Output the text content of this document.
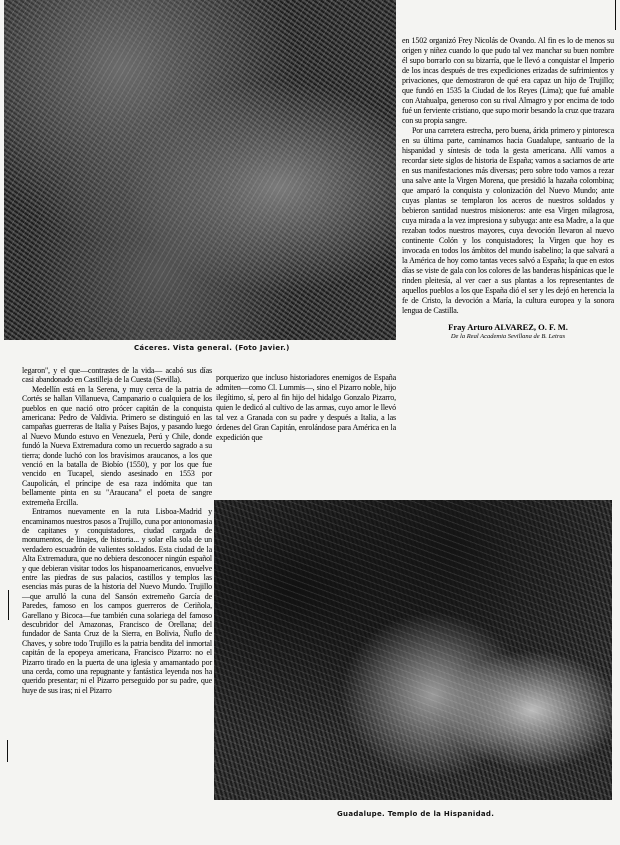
Cáceres. Vista general. (Foto Javier.)

en 1502 organizó Frey Nicolás de Ovando. Al fin es lo de menos su origen y niñez cuando lo que pudo tal vez manchar su buen nombre él supo borrarlo con su bizarría, que le llevó a conquistar el Imperio de los incas después de tres expediciones erizadas de sufrimientos y privaciones, que demostraron de qué era capaz un hijo de Trujillo; que fundó en 1535 la Ciudad de los Reyes (Lima); que fué amable con Atahualpa, generoso con su rival Almagro y por encima de todo fué un ferviente cristiano, que supo morir besando la cruz que trazara con su propia sangre.

Por una carretera estrecha, pero buena, árida primero y pintoresca en su última parte, caminamos hacia Guadalupe, santuario de la hispanidad y síntesis de toda la gesta americana. Allí vamos a recordar siete siglos de historia de España; vamos a saciarnos de arte en sus manifestaciones más diversas; pero sobre todo vamos a rezar una salve ante la Virgen Morena, que presidió la hazaña colombina; que amparó la conquista y colonización del Nuevo Mundo; ante cuyas plantas se templaron los aceros de nuestros soldados y bebieron santidad nuestros misioneros: ante esa Virgen milagrosa, cuya mirada a la vez impresiona y subyuga: ante esa Madre, a la que rezaban todos nuestros mayores, cuya devoción llevaron al nuevo continente Colón y los conquistadores; la Virgen que hoy es invocada en todos los ámbitos del mundo isabelino; la que salvará a la América de hoy como tantas veces salvó a España; la que en estos días se viste de gala con los colores de las banderas hispánicas que le rinden pleitesía, al ver caer a sus plantas a los representantes de aquellos pueblos a los que España dió el ser y les dejó en herencia la fe de Cristo, la devoción a María, la cultura europea y la sonora lengua de Castilla.

Fray Arturo ALVAREZ, O. F. M.

De la Real Academia Sevillana de B. Letras

legaron", y el que—contrastes de la vida— acabó sus días casi abandonado en Castilleja de la Cuesta (Sevilla).

Medellín está en la Serena, y muy cerca de la patria de Cortés se hallan Villanueva, Campanario o cualquiera de los pueblos en que nació otro prócer capitán de la conquista americana: Pedro de Valdivia. Primero se distinguió en las campañas guerreras de Italia y Países Bajos, y pasando luego al Nuevo Mundo estuvo en Venezuela, Perú y Chile, donde fundó la Nueva Extremadura como un recuerdo sagrado a su tierra; donde luchó con los bravísimos araucanos, a los que venció en la batalla de Biobío (1550), y por los que fue vencido en Tucapel, siendo asesinado en 1553 por Caupolicán, el príncipe de esa raza indómita que tan bellamente pinta en su "Araucana" el poeta de sangre extremeña Ercilla.

Entramos nuevamente en la ruta Lisboa-Madrid y encaminamos nuestros pasos a Trujillo, cuna por antonomasia de capitanes y conquistadores, ciudad cargada de monumentos, de linajes, de historia... y solar ella sola de un verdadero escuadrón de valientes soldados. Esta ciudad de la Alta Extremadura, que no debiera desconocer ningún español y que debieran visitar todos los hispanoamericanos, envuelve entre las piedras de sus palacios, castillos y templos las esencias más puras de la historia del Nuevo Mundo. Trujillo—que arrulló la cuna del Sansón extremeño García de Paredes, famoso en los campos guerreros de Ceriñola, Garellano y Bicoca—fue también cuna solariega del famoso descubridor del Amazonas, Francisco de Orellana; del fundador de Santa Cruz de la Sierra, en Bolivia, Ñuflo de Chaves, y sobre todo Trujillo es la patria bendita del inmortal capitán de la epopeya americana, Francisco Pizarro: no el Pizarro tirado en la puerta de una iglesia y amamantado por una cerda, como una repugnante y fantástica leyenda nos ha querido presentar; ni el Pizarro perseguido por su padre, que huye de sus iras; ni el Pizarro

porquerizo que incluso historiadores enemigos de España admiten—como Cl. Lummis—, sino el Pizarro noble, hijo ilegítimo, sí, pero al fin hijo del hidalgo Gonzalo Pizarro, quien le dedicó al cultivo de las armas, cuyo amor le llevó tal vez a Granada con su padre y después a Italia, a las órdenes del Gran Capitán, enrolándose para América en la expedición que

Guadalupe. Templo de la Hispanidad.
